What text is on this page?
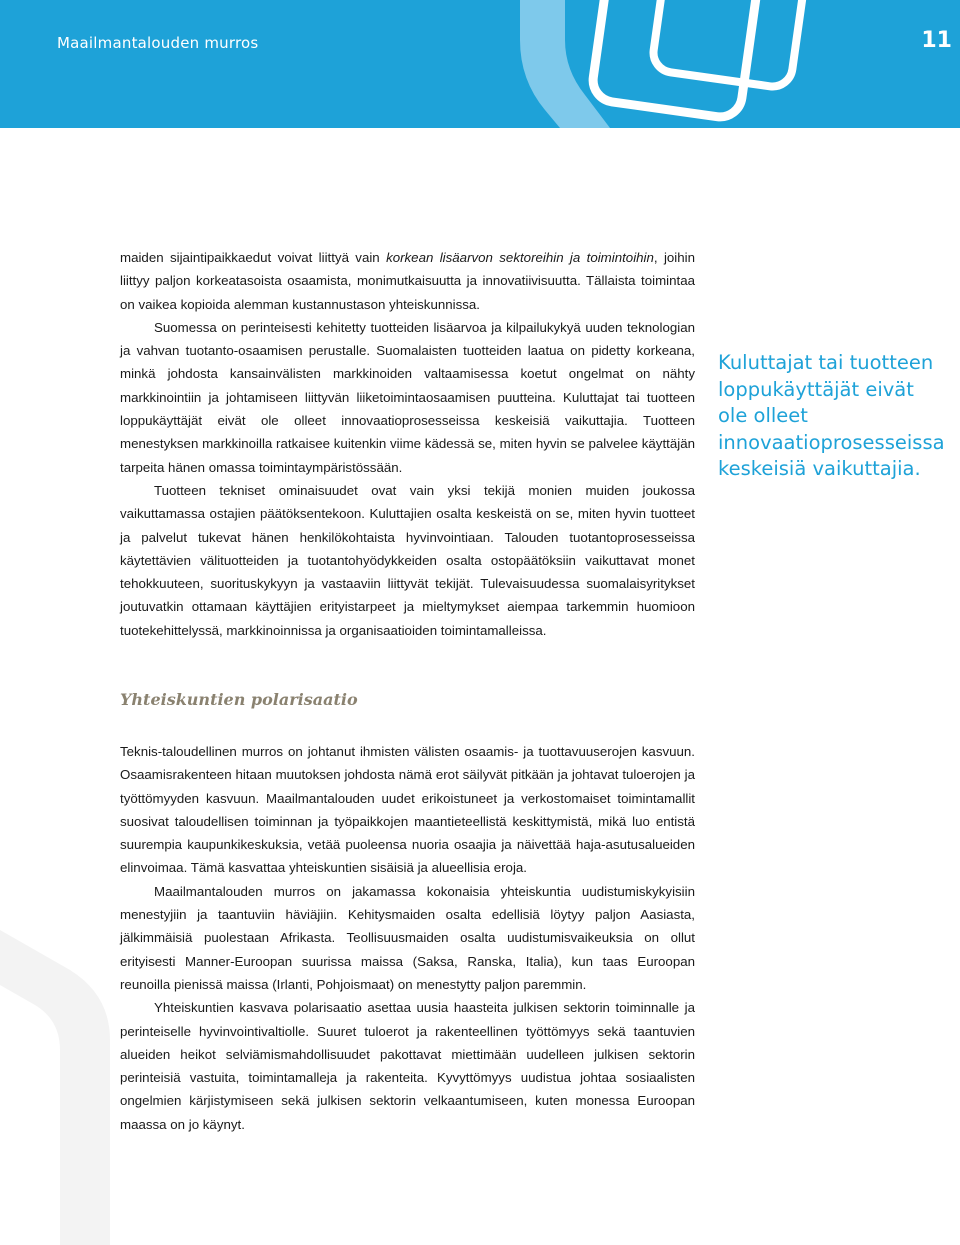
Maailmantalouden murros	11

maiden sijaintipaikkaedut voivat liittyä vain korkean lisäarvon sektoreihin ja toimintoihin, joihin liittyy paljon korkeatasoista osaamista, monimutkaisuutta ja innovatiivisuutta. Tällaista toimintaa on vaikea kopioida alemman kustannustason yhteiskunnissa.

Suomessa on perinteisesti kehitetty tuotteiden lisäarvoa ja kilpailukykyä uuden teknologian ja vahvan tuotanto-osaamisen perustalle. Suomalaisten tuotteiden laatua on pidetty korkeana, minkä johdosta kansainvälisten markkinoiden valtaamisessa koetut ongelmat on nähty markkinointiin ja johtamiseen liittyvän liiketoimintaosaamisen puutteina. Kuluttajat tai tuotteen loppukäyttäjät eivät ole olleet innovaatioprosesseissa keskeisiä vaikuttajia. Tuotteen menestyksen markkinoilla ratkaisee kuitenkin viime kädessä se, miten hyvin se palvelee käyttäjän tarpeita hänen omassa toimintaympäristössään.

Tuotteen tekniset ominaisuudet ovat vain yksi tekijä monien muiden joukossa vaikuttamassa ostajien päätöksentekoon. Kuluttajien osalta keskeistä on se, miten hyvin tuotteet ja palvelut tukevat hänen henkilökohtaista hyvinvointiaan. Talouden tuotantoprosesseissa käytettävien välituotteiden ja tuotantohyödykkeiden osalta ostopäätöksiin vaikuttavat monet tehokkuuteen, suorituskykyyn ja vastaaviin liittyvät tekijät. Tulevaisuudessa suomalaisyritykset joutuvatkin ottamaan käyttäjien erityistarpeet ja mieltymykset aiempaa tarkemmin huomioon tuotekehittelyssä, markkinoinnissa ja organisaatioiden toimintamalleissa.

Kuluttajat tai tuotteen loppukäyttäjät eivät ole olleet innovaatioprosesseissa keskeisiä vaikuttajia.
Yhteiskuntien polarisaatio

Teknis-taloudellinen murros on johtanut ihmisten välisten osaamis- ja tuottavuuserojen kasvuun. Osaamisrakenteen hitaan muutoksen johdosta nämä erot säilyvät pitkään ja johtavat tuloerojen ja työttömyyden kasvuun. Maailmantalouden uudet erikoistuneet ja verkostomaiset toimintamallit suosivat taloudellisen toiminnan ja työpaikkojen maantieteellistä keskittymistä, mikä luo entistä suurempia kaupunkikeskuksia, vetää puoleensa nuoria osaajia ja näivettää haja-asutusalueiden elinvoimaa. Tämä kasvattaa yhteiskuntien sisäisiä ja alueellisia eroja.

Maailmantalouden murros on jakamassa kokonaisia yhteiskuntia uudistumiskykyisiin menestyjiin ja taantuviin häviäjiin. Kehitysmaiden osalta edellisiä löytyy paljon Aasiasta, jälkimmäisiä puolestaan Afrikasta. Teollisuusmaiden osalta uudistumisvaikeuksia on ollut erityisesti Manner-Euroopan suurissa maissa (Saksa, Ranska, Italia), kun taas Euroopan reunoilla pienissä maissa (Irlanti, Pohjoismaat) on menestytty paljon paremmin.

Yhteiskuntien kasvava polarisaatio asettaa uusia haasteita julkisen sektorin toiminnalle ja perinteiselle hyvinvointivaltiolle. Suuret tuloerot ja rakenteellinen työttömyys sekä taantuvien alueiden heikot selviämismahdollisuudet pakottavat miettimään uudelleen julkisen sektorin perinteisiä vastuita, toimintamalleja ja rakenteita. Kyvyttömyys uudistua johtaa sosiaalisten ongelmien kärjistymiseen sekä julkisen sektorin velkaantumiseen, kuten monessa Euroopan maassa on jo käynyt.
